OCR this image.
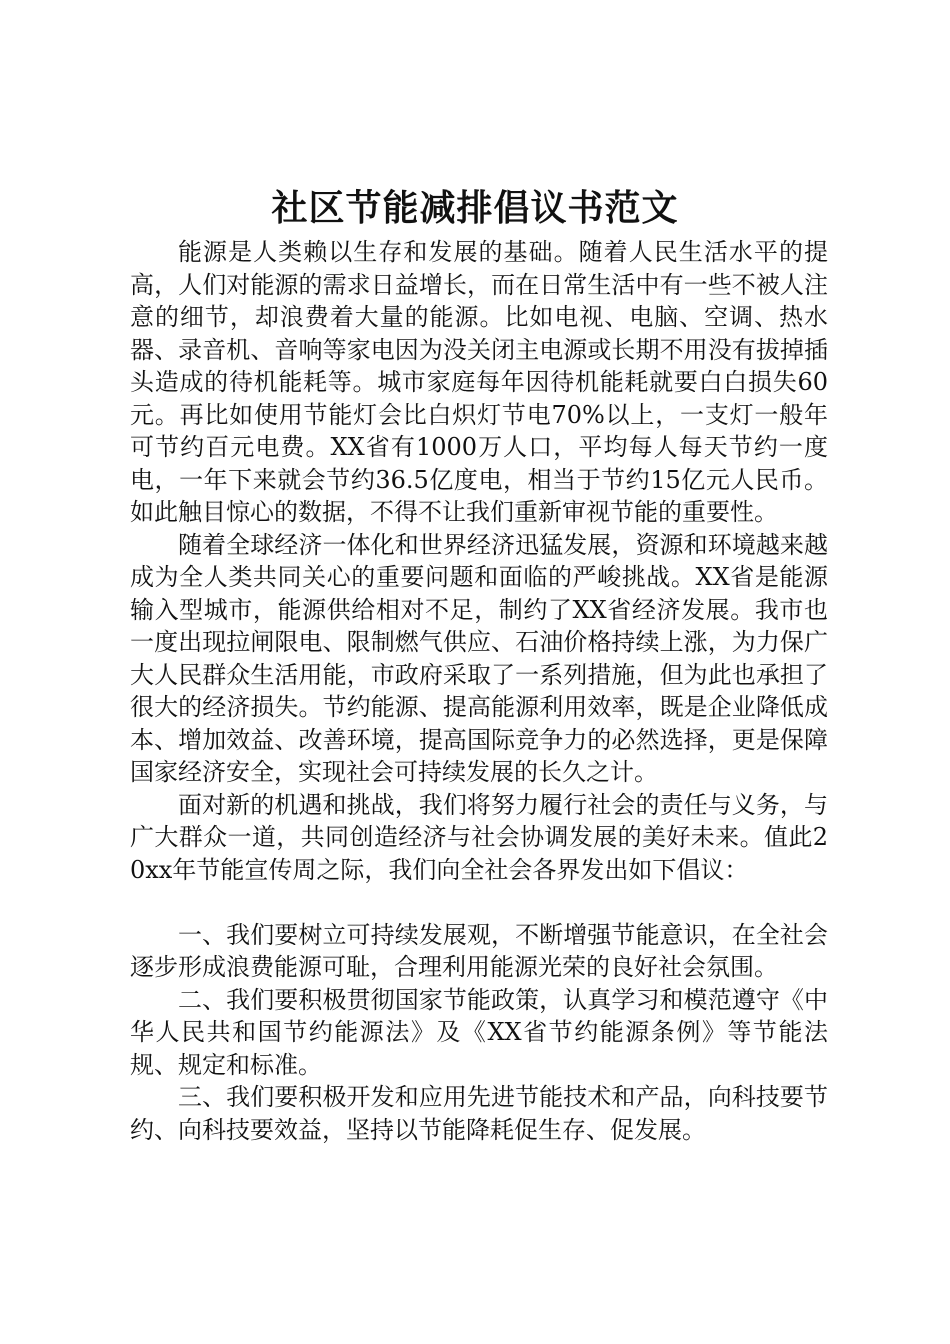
社区节能减排倡议书范文

能源是人类赖以生存和发展的基础。随着人民生活水平的提高，人们对能源的需求日益增长，而在日常生活中有一些不被人注意的细节，却浪费着大量的能源。比如电视、电脑、空调、热水器、录音机、音响等家电因为没关闭主电源或长期不用没有拔掉插头造成的待机能耗等。城市家庭每年因待机能耗就要白白损失60元。再比如使用节能灯会比白炽灯节电70%以上，一支灯一般年可节约百元电费。XX省有1000万人口，平均每人每天节约一度电，一年下来就会节约36.5亿度电，相当于节约15亿元人民币。如此触目惊心的数据，不得不让我们重新审视节能的重要性。

随着全球经济一体化和世界经济迅猛发展，资源和环境越来越成为全人类共同关心的重要问题和面临的严峻挑战。XX省是能源输入型城市，能源供给相对不足，制约了XX省经济发展。我市也一度出现拉闸限电、限制燃气供应、石油价格持续上涨，为力保广大人民群众生活用能，市政府采取了一系列措施，但为此也承担了很大的经济损失。节约能源、提高能源利用效率，既是企业降低成本、增加效益、改善环境，提高国际竞争力的必然选择，更是保障国家经济安全，实现社会可持续发展的长久之计。

面对新的机遇和挑战，我们将努力履行社会的责任与义务，与广大群众一道，共同创造经济与社会协调发展的美好未来。值此20xx年节能宣传周之际，我们向全社会各界发出如下倡议：

一、我们要树立可持续发展观，不断增强节能意识，在全社会逐步形成浪费能源可耻，合理利用能源光荣的良好社会氛围。

二、我们要积极贯彻国家节能政策，认真学习和模范遵守《中华人民共和国节约能源法》及《XX省节约能源条例》等节能法规、规定和标准。

三、我们要积极开发和应用先进节能技术和产品，向科技要节约、向科技要效益，坚持以节能降耗促生存、促发展。
